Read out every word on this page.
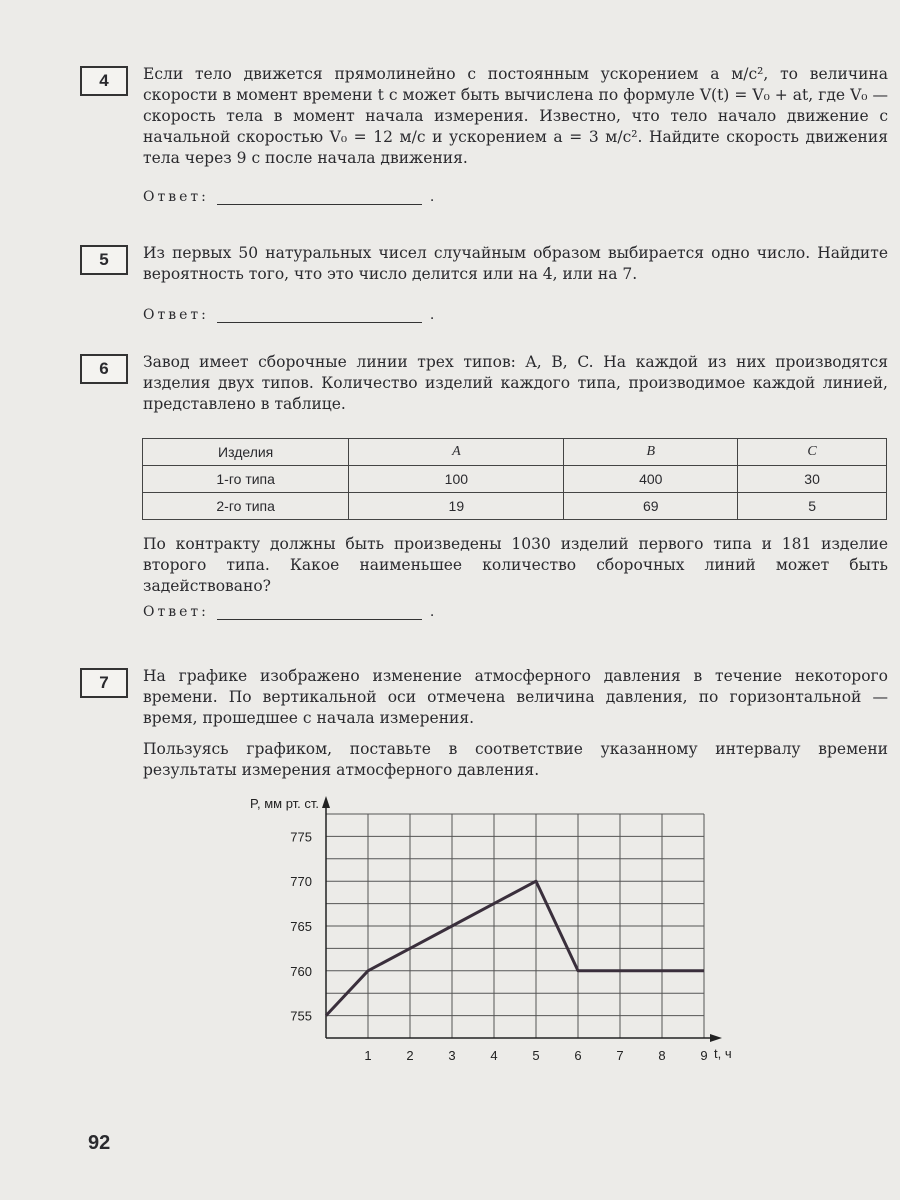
4	Если тело движется прямолинейно с постоянным ускорением a м/с², то величина скорости в момент времени t с может быть вычислена по формуле V(t) = V₀ + at, где V₀ — скорость тела в момент начала измерения. Известно, что тело начало движение с начальной скоростью V₀ = 12 м/с и ускорением a = 3 м/с². Найдите скорость движения тела через 9 с после начала движения.
Ответ:	.
5	Из первых 50 натуральных чисел случайным образом выбирается одно число. Найдите вероятность того, что это число делится или на 4, или на 7.
Ответ:	.
6	Завод имеет сборочные линии трех типов: A, B, C. На каждой из них производятся изделия двух типов. Количество изделий каждого типа, производимое каждой линией, представлено в таблице.
Изделия	A	B	C
1-го типа	100	400	30
2-го типа	19	69	5
По контракту должны быть произведены 1030 изделий первого типа и 181 изделие второго типа. Какое наименьшее количество сборочных линий может быть задействовано?
Ответ:	.
7	На графике изображено изменение атмосферного давления в течение некоторого времени. По вертикальной оси отмечена величина давления, по горизонтальной — время, прошедшее с начала измерения.
Пользуясь графиком, поставьте в соответствие указанному интервалу времени результаты измерения атмосферного давления.
P, мм рт. ст.
t, ч
1	2	3	4	5	6	7	8	9
755
760
765
770
775
92
